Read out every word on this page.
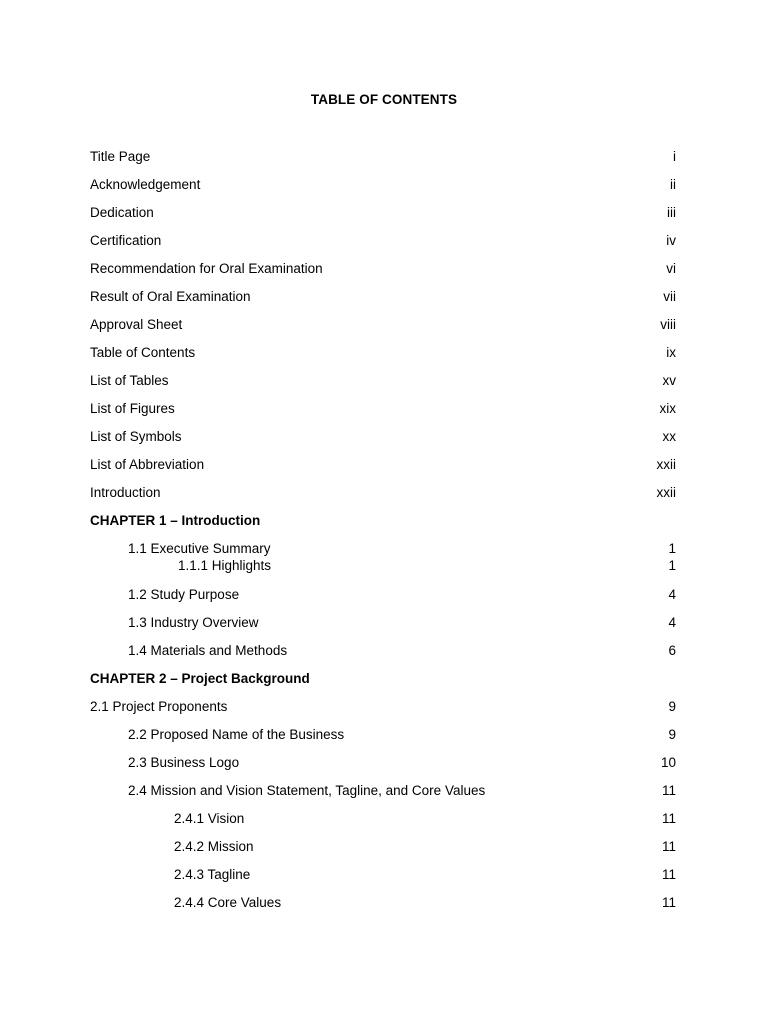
TABLE OF CONTENTS
Title Page	i
Acknowledgement	ii
Dedication	iii
Certification	iv
Recommendation for Oral Examination	vi
Result of Oral Examination	vii
Approval Sheet	viii
Table of Contents	ix
List of Tables	xv
List of Figures	xix
List of Symbols	xx
List of Abbreviation	xxii
Introduction	xxii
CHAPTER 1 – Introduction
1.1 Executive Summary	1
1.1.1 Highlights	1
1.2 Study Purpose	4
1.3 Industry Overview	4
1.4 Materials and Methods	6
CHAPTER 2 – Project Background
2.1 Project Proponents	9
2.2 Proposed Name of the Business	9
2.3 Business Logo	10
2.4 Mission and Vision Statement, Tagline, and Core Values	11
2.4.1 Vision	11
2.4.2 Mission	11
2.4.3 Tagline	11
2.4.4 Core Values	11
